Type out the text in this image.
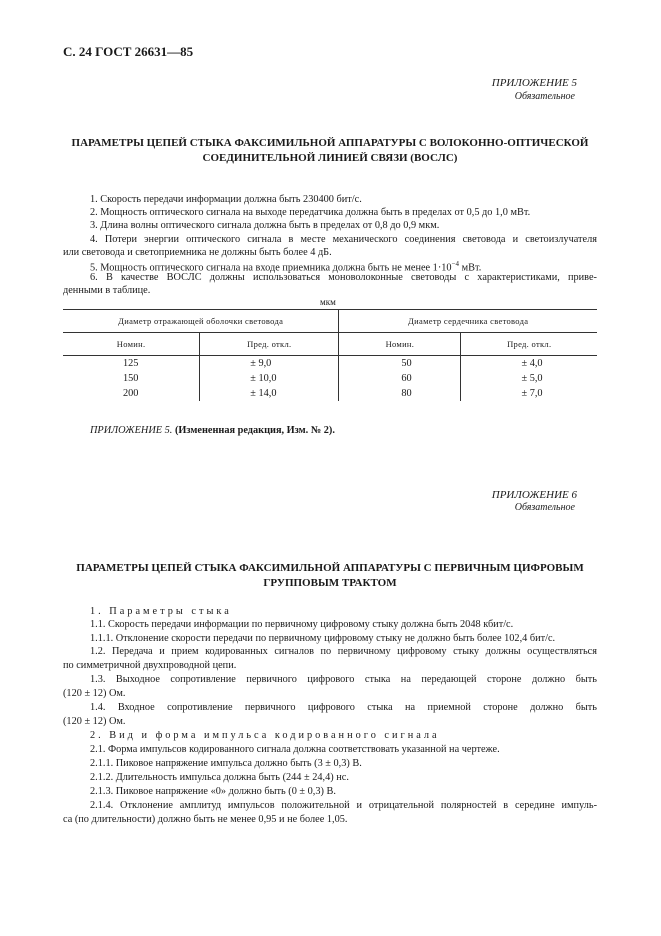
С. 24 ГОСТ 26631—85
ПРИЛОЖЕНИЕ 5
Обязательное
ПАРАМЕТРЫ ЦЕПЕЙ СТЫКА ФАКСИМИЛЬНОЙ АППАРАТУРЫ С ВОЛОКОННО-ОПТИЧЕСКОЙ СОЕДИНИТЕЛЬНОЙ ЛИНИЕЙ СВЯЗИ (ВОСЛС)
1. Скорость передачи информации должна быть 230400 бит/с.
2. Мощность оптического сигнала на выходе передатчика должна быть в пределах от 0,5 до 1,0 мВт.
3. Длина волны оптического сигнала должна быть в пределах от 0,8 до 0,9 мкм.
4. Потери энергии оптического сигнала в месте механического соединения световода и светоизлучателя
или световода и светоприемника не должны быть более 4 дБ.
5. Мощность оптического сигнала на входе приемника должна быть не менее $1\cdot 10^{-4}$ мВт.
6. В качестве ВОСЛС должны использоваться моноволоконные световоды с характеристиками, приве-
денными в таблице.
мкм
Диаметр отражающей оболочки световода		Диаметр сердечника световода	
Номин.	Пред. откл.	Номин.	Пред. откл.
125	± 9,0	50	± 4,0
150	± 10,0	60	± 5,0
200	± 14,0	80	± 7,0
ПРИЛОЖЕНИЕ 5. (Измененная редакция, Изм. № 2).
ПРИЛОЖЕНИЕ 6
Обязательное
ПАРАМЕТРЫ ЦЕПЕЙ СТЫКА ФАКСИМИЛЬНОЙ АППАРАТУРЫ С ПЕРВИЧНЫМ ЦИФРОВЫМ ГРУППОВЫМ ТРАКТОМ
1. Параметры стыка
1.1. Скорость передачи информации по первичному цифровому стыку должна быть 2048 кбит/с.
1.1.1. Отклонение скорости передачи по первичному цифровому стыку не должно быть более 102,4 бит/с.
1.2. Передача и прием кодированных сигналов по первичному цифровому стыку должны осуществляться
по симметричной двухпроводной цепи.
1.3. Выходное сопротивление первичного цифрового стыка на передающей стороне должно быть
(120 ± 12) Ом.
1.4. Входное сопротивление первичного цифрового стыка на приемной стороне должно быть
(120 ± 12) Ом.
2. Вид и форма импульса кодированного сигнала
2.1. Форма импульсов кодированного сигнала должна соответствовать указанной на чертеже.
2.1.1. Пиковое напряжение импульса должно быть (3 ± 0,3) В.
2.1.2. Длительность импульса должна быть (244 ± 24,4) нс.
2.1.3. Пиковое напряжение «0» должно быть (0 ± 0,3) В.
2.1.4. Отклонение амплитуд импульсов положительной и отрицательной полярностей в середине импуль-
са (по длительности) должно быть не менее 0,95 и не более 1,05.
